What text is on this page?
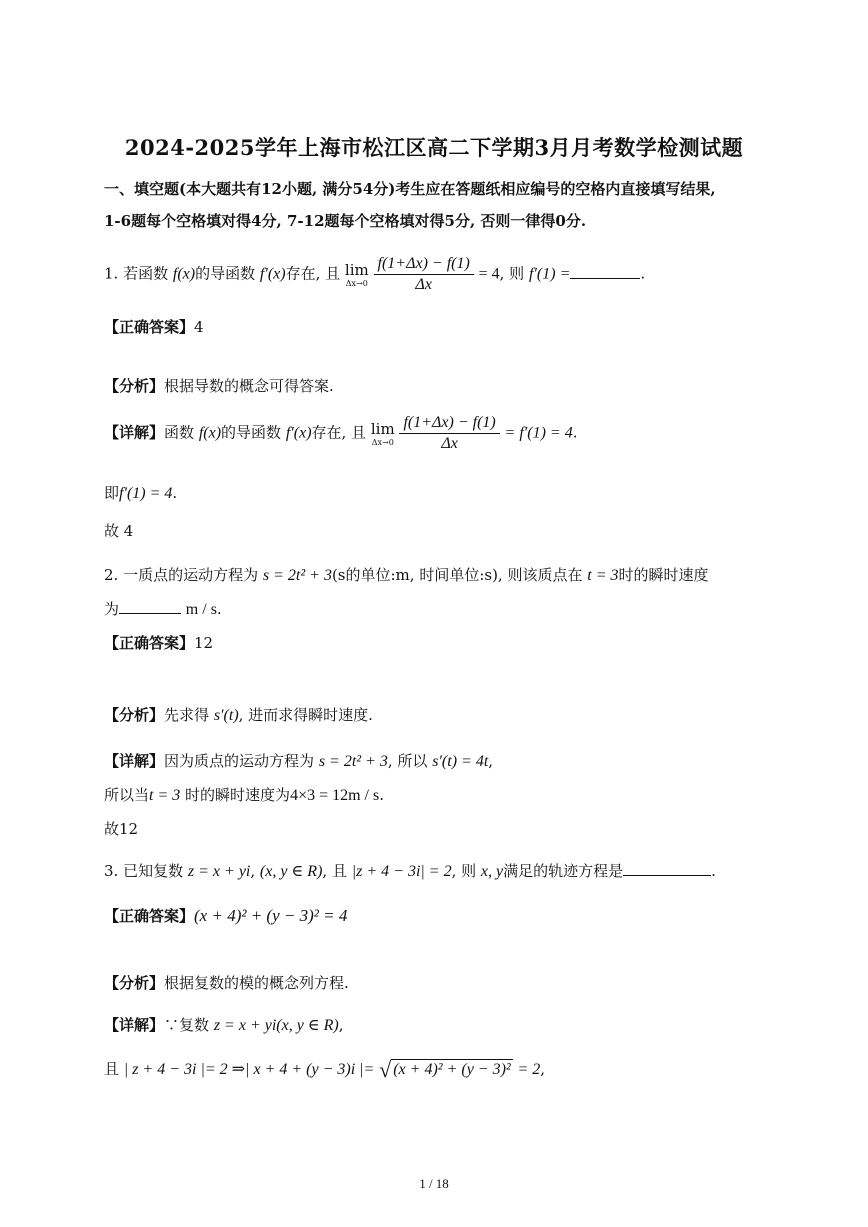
2024-2025学年上海市松江区高二下学期3月月考数学检测试题
一、填空题(本大题共有12小题, 满分54分)考生应在答题纸相应编号的空格内直接填写结果,
1-6题每个空格填对得4分, 7-12题每个空格填对得5分, 否则一律得0分.
1. 若函数 f(x)的导函数 f′(x)存在, 且 lim
Δx→0
$\frac{f(1+\Delta x) - f(1)}{\Delta x} = 4$, 则 f′(1) =	.
【正确答案】4
【分析】根据导数的概念可得答案.
【详解】函数 f(x)的导函数 f′(x)存在, 且 lim
Δx→0
$\frac{f(1+\Delta x) - f(1)}{\Delta x} = f'(1) = 4$.
即f′(1) = 4.
故 4
2. 一质点的运动方程为 s = 2t² + 3(s的单位:m, 时间单位:s), 则该质点在 t = 3时的瞬时速度
为	m / s.
【正确答案】12
【分析】先求得 s′(t), 进而求得瞬时速度.
【详解】因为质点的运动方程为 s = 2t² + 3, 所以 s′(t) = 4t,
所以当t = 3 时的瞬时速度为4×3 = 12m / s.
故12
3. 已知复数 z = x + yi, (x, y ∈ R), 且 |z + 4 − 3i| = 2, 则 x, y满足的轨迹方程是	.
【正确答案】(x + 4)² + (y − 3)² = 4
【分析】根据复数的模的概念列方程.
【详解】∵复数 z = x + yi(x, y ∈ R),
且 | z + 4 − 3i |= 2 ⇒| x + 4 + (y − 3)i |= √ (x + 4)² + (y − 3)² = 2,
1 / 18
